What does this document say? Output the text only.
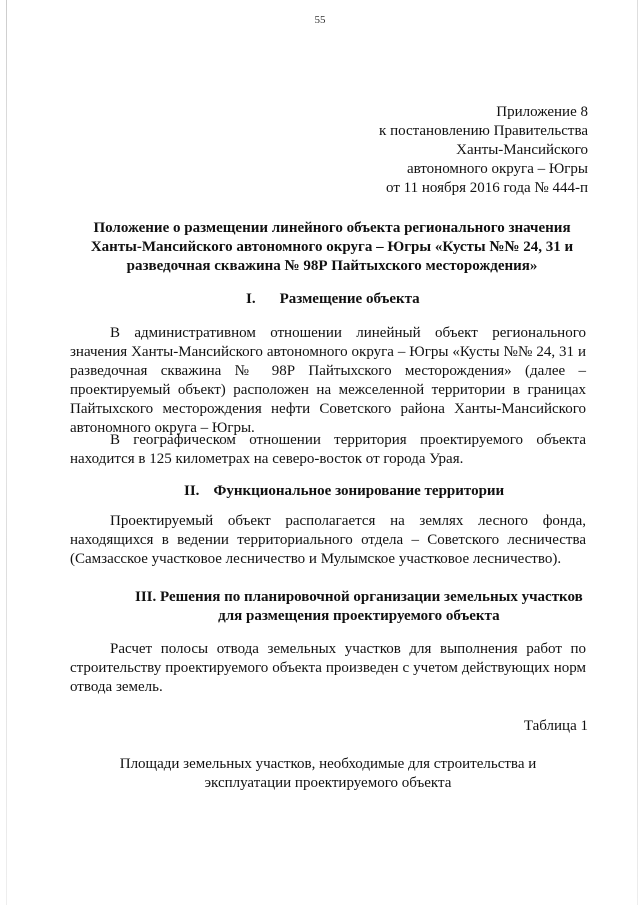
55
Приложение 8
к постановлению Правительства
Ханты-Мансийского
автономного округа – Югры
от 11 ноября 2016 года № 444-п
Положение о размещении линейного объекта регионального значения
Ханты-Мансийского автономного округа – Югры «Кусты №№ 24, 31 и
разведочная скважина № 98Р Пайтыхского месторождения»
I. Размещение объекта

В административном отношении линейный объект регионального значения Ханты-Мансийского автономного округа – Югры «Кусты №№ 24, 31 и разведочная скважина № 98Р Пайтыхского месторождения» (далее – проектируемый объект) расположен на межселенной территории в границах Пайтыхского месторождения нефти Советского района Ханты-Мансийского автономного округа – Югры.

В географическом отношении территория проектируемого объекта находится в 125 километрах на северо-восток от города Урая.

II. Функциональное зонирование территории

Проектируемый объект располагается на землях лесного фонда, находящихся в ведении территориального отдела – Советского лесничества (Самзасское участковое лесничество и Мулымское участковое лесничество).

III. Решения по планировочной организации земельных участков
для размещения проектируемого объекта

Расчет полосы отвода земельных участков для выполнения работ по строительству проектируемого объекта произведен с учетом действующих норм отвода земель.

Таблица 1
Площади земельных участков, необходимые для строительства и
эксплуатации проектируемого объекта
